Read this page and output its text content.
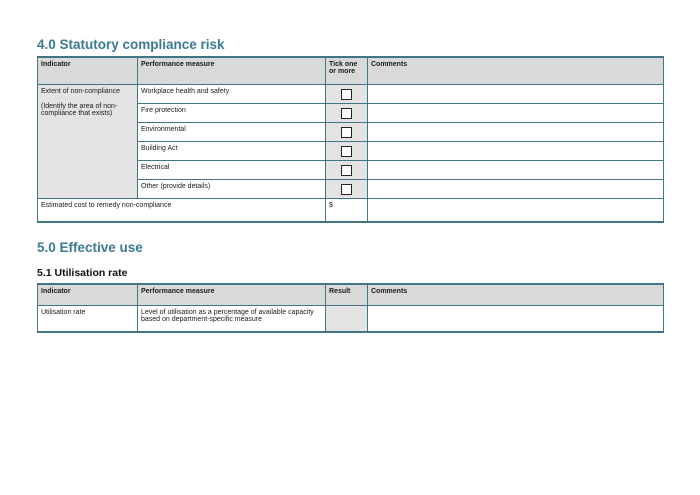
4.0 Statutory compliance risk
Indicator	Performance measure	Tick one or more	Comments

Extent of non-compliance
(Identify the area of non-compliance that exists)	Workplace health and safety		
	Fire protection		
	Environmental		
	Building Act		
	Electrical		
	Other (provide details)		
Estimated cost to remedy non-compliance		$	
5.0 Effective use
5.1 Utilisation rate
Indicator	Performance measure	Result	Comments
Utilisation rate	Level of utilisation as a percentage of available capacity based on department-specific measure		
